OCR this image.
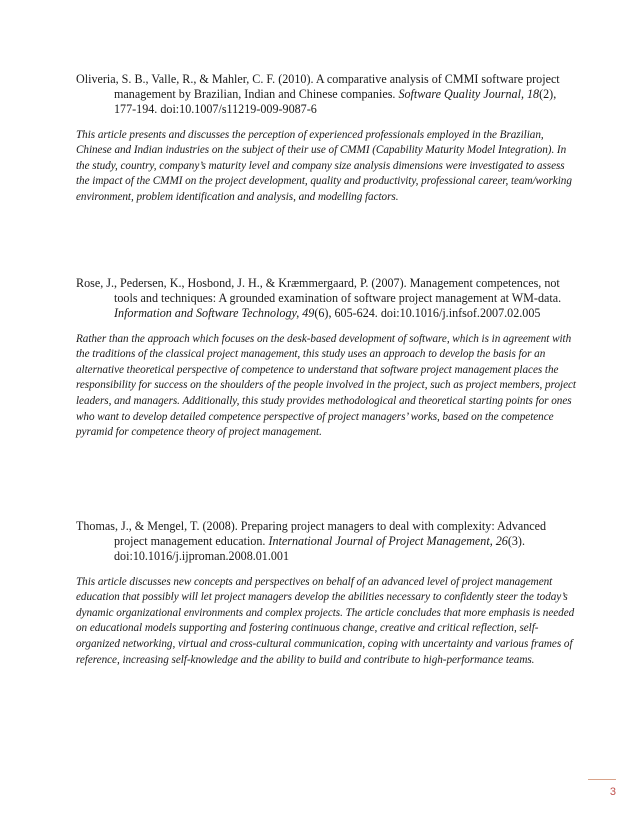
Oliveria, S. B., Valle, R., & Mahler, C. F. (2010). A comparative analysis of CMMI software project management by Brazilian, Indian and Chinese companies. Software Quality Journal, 18(2), 177-194. doi:10.1007/s11219-009-9087-6

This article presents and discusses the perception of experienced professionals employed in the Brazilian, Chinese and Indian industries on the subject of their use of CMMI (Capability Maturity Model Integration). In the study, country, company’s maturity level and company size analysis dimensions were investigated to assess the impact of the CMMI on the project development, quality and productivity, professional career, team/working environment, problem identification and analysis, and modelling factors.

Rose, J., Pedersen, K., Hosbond, J. H., & Kræmmergaard, P. (2007). Management competences, not tools and techniques: A grounded examination of software project management at WM-data. Information and Software Technology, 49(6), 605-624. doi:10.1016/j.infsof.2007.02.005

Rather than the approach which focuses on the desk-based development of software, which is in agreement with the traditions of the classical project management, this study uses an approach to develop the basis for an alternative theoretical perspective of competence to understand that software project management places the responsibility for success on the shoulders of the people involved in the project, such as project members, project leaders, and managers. Additionally, this study provides methodological and theoretical starting points for ones who want to develop detailed competence perspective of project managers’ works, based on the competence pyramid for competence theory of project management.

Thomas, J., & Mengel, T. (2008). Preparing project managers to deal with complexity: Advanced project management education. International Journal of Project Management, 26(3). doi:10.1016/j.ijproman.2008.01.001

This article discusses new concepts and perspectives on behalf of an advanced level of project management education that possibly will let project managers develop the abilities necessary to confidently steer the today’s dynamic organizational environments and complex projects. The article concludes that more emphasis is needed on educational models supporting and fostering continuous change, creative and critical reflection, self-organized networking, virtual and cross-cultural communication, coping with uncertainty and various frames of reference, increasing self-knowledge and the ability to build and contribute to high-performance teams.

3
